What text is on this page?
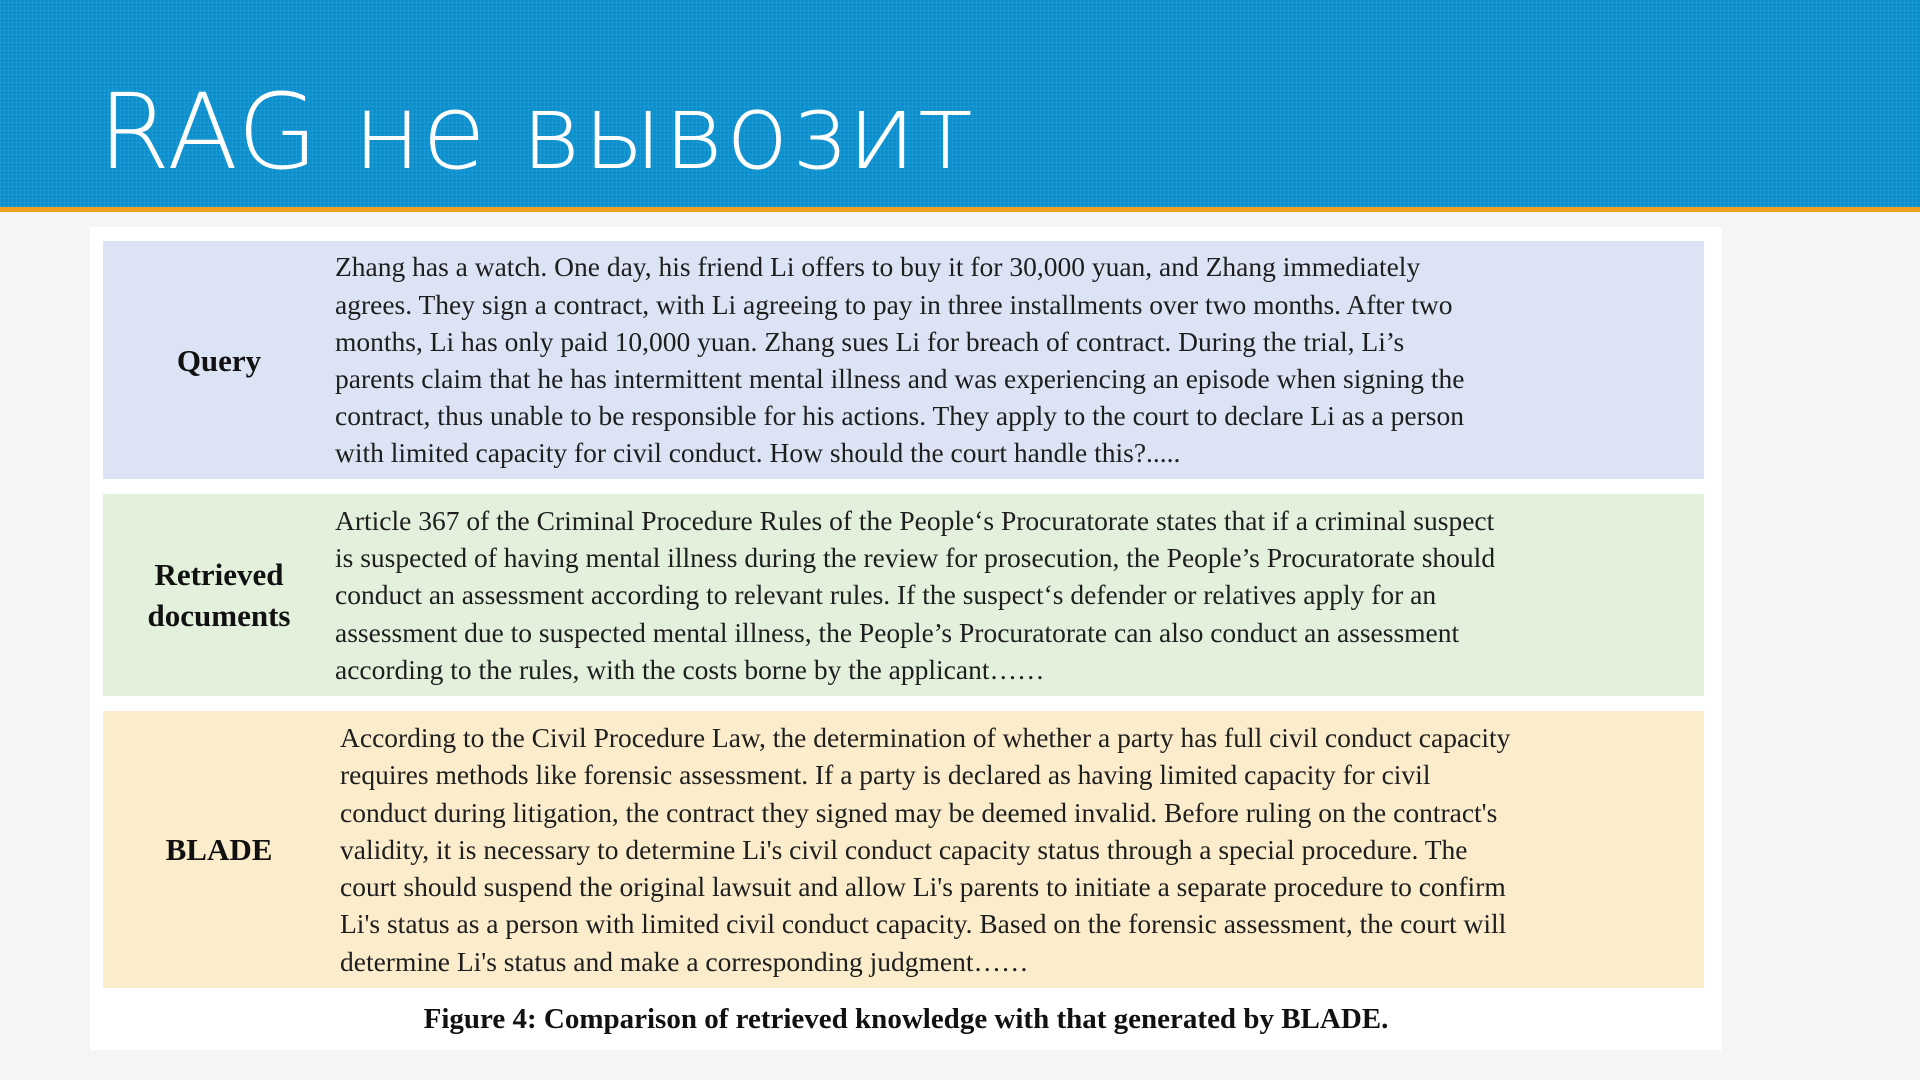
RAG не вывозит
Query
Zhang has a watch. One day, his friend Li offers to buy it for 30,000 yuan, and Zhang immediately
agrees. They sign a contract, with Li agreeing to pay in three installments over two months. After two
months, Li has only paid 10,000 yuan. Zhang sues Li for breach of contract. During the trial, Li’s
parents claim that he has intermittent mental illness and was experiencing an episode when signing the
contract, thus unable to be responsible for his actions. They apply to the court to declare Li as a person
with limited capacity for civil conduct. How should the court handle this?.....
Retrieved
documents
Article 367 of the Criminal Procedure Rules of the People‘s Procuratorate states that if a criminal suspect
is suspected of having mental illness during the review for prosecution, the People’s Procuratorate should
conduct an assessment according to relevant rules. If the suspect‘s defender or relatives apply for an
assessment due to suspected mental illness, the People’s Procuratorate can also conduct an assessment
according to the rules, with the costs borne by the applicant……
BLADE
According to the Civil Procedure Law, the determination of whether a party has full civil conduct capacity
requires methods like forensic assessment. If a party is declared as having limited capacity for civil
conduct during litigation, the contract they signed may be deemed invalid. Before ruling on the contract's
validity, it is necessary to determine Li's civil conduct capacity status through a special procedure. The
court should suspend the original lawsuit and allow Li's parents to initiate a separate procedure to confirm
Li's status as a person with limited civil conduct capacity. Based on the forensic assessment, the court will
determine Li's status and make a corresponding judgment……
Figure 4: Comparison of retrieved knowledge with that generated by BLADE.
